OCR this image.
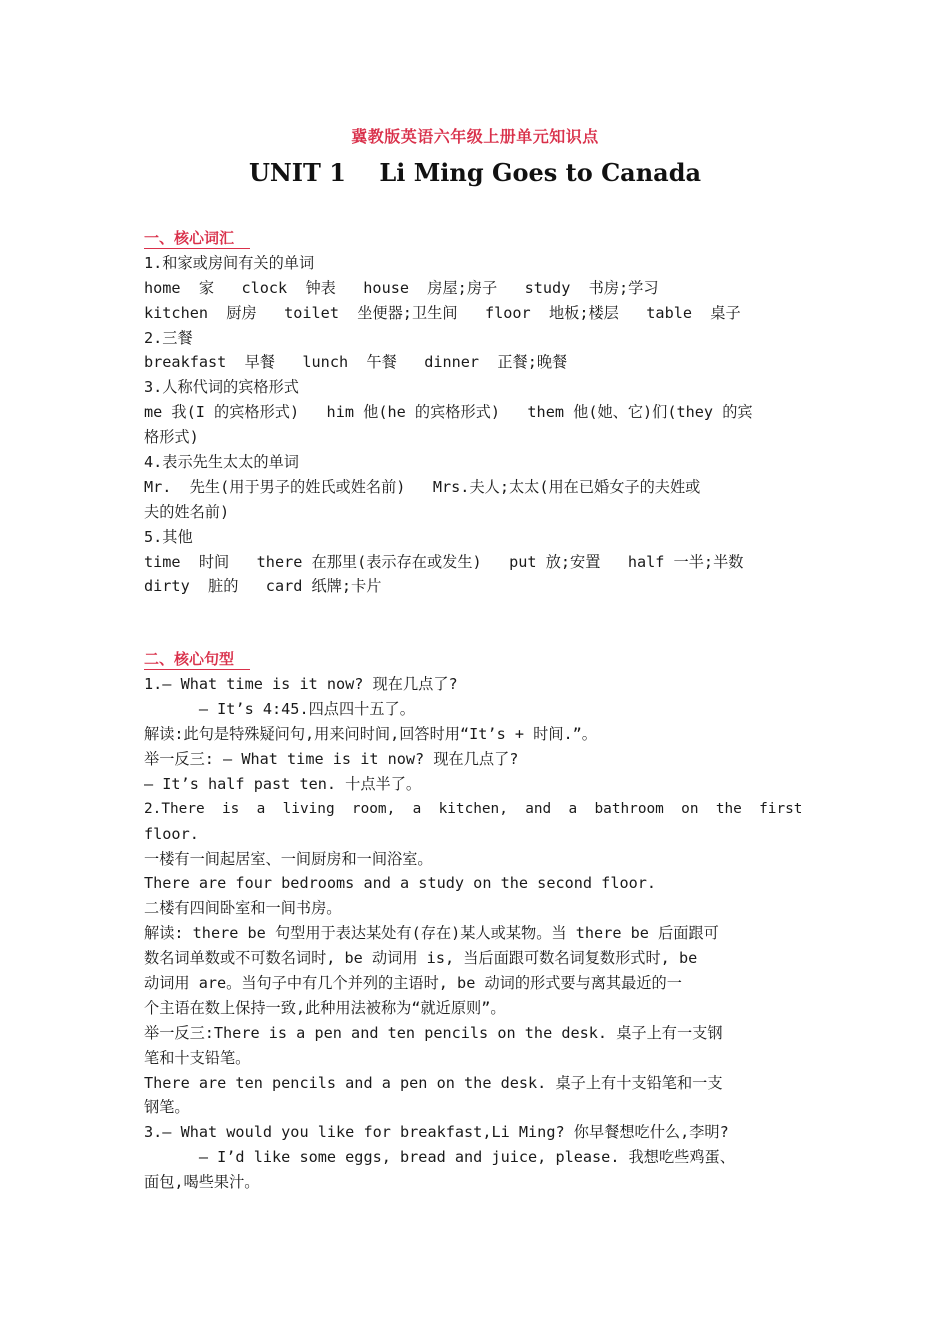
冀教版英语六年级上册单元知识点
UNIT 1    Li Ming Goes to Canada
一、核心词汇
1.和家或房间有关的单词
home  家   clock  钟表   house  房屋;房子   study  书房;学习
kitchen  厨房   toilet  坐便器;卫生间   floor  地板;楼层   table  桌子
2.三餐
breakfast  早餐   lunch  午餐   dinner  正餐;晚餐
3.人称代词的宾格形式
me 我(I 的宾格形式)   him 他(he 的宾格形式)   them 他(她、它)们(they 的宾
格形式)
4.表示先生太太的单词
Mr.  先生(用于男子的姓氏或姓名前)   Mrs.夫人;太太(用在已婚女子的夫姓或
夫的姓名前)
5.其他
time  时间   there 在那里(表示存在或发生)   put 放;安置   half 一半;半数
dirty  脏的   card 纸牌;卡片
二、核心句型
1.— What time is it now? 现在几点了?
— It’s 4:45.四点四十五了。
解读:此句是特殊疑问句,用来问时间,回答时用“It’s + 时间.”。
举一反三: — What time is it now? 现在几点了?
— It’s half past ten. 十点半了。
2.There  is  a  living  room,  a  kitchen,  and  a  bathroom  on  the  first
floor.
一楼有一间起居室、一间厨房和一间浴室。
There are four bedrooms and a study on the second floor.
二楼有四间卧室和一间书房。
解读: there be 句型用于表达某处有(存在)某人或某物。当 there be 后面跟可
数名词单数或不可数名词时, be 动词用 is, 当后面跟可数名词复数形式时, be
动词用 are。当句子中有几个并列的主语时, be 动词的形式要与离其最近的一
个主语在数上保持一致,此种用法被称为“就近原则”。
举一反三:There is a pen and ten pencils on the desk. 桌子上有一支钢
笔和十支铅笔。
There are ten pencils and a pen on the desk. 桌子上有十支铅笔和一支
钢笔。
3.— What would you like for breakfast,Li Ming? 你早餐想吃什么,李明?
— I’d like some eggs, bread and juice, please. 我想吃些鸡蛋、
面包,喝些果汁。
